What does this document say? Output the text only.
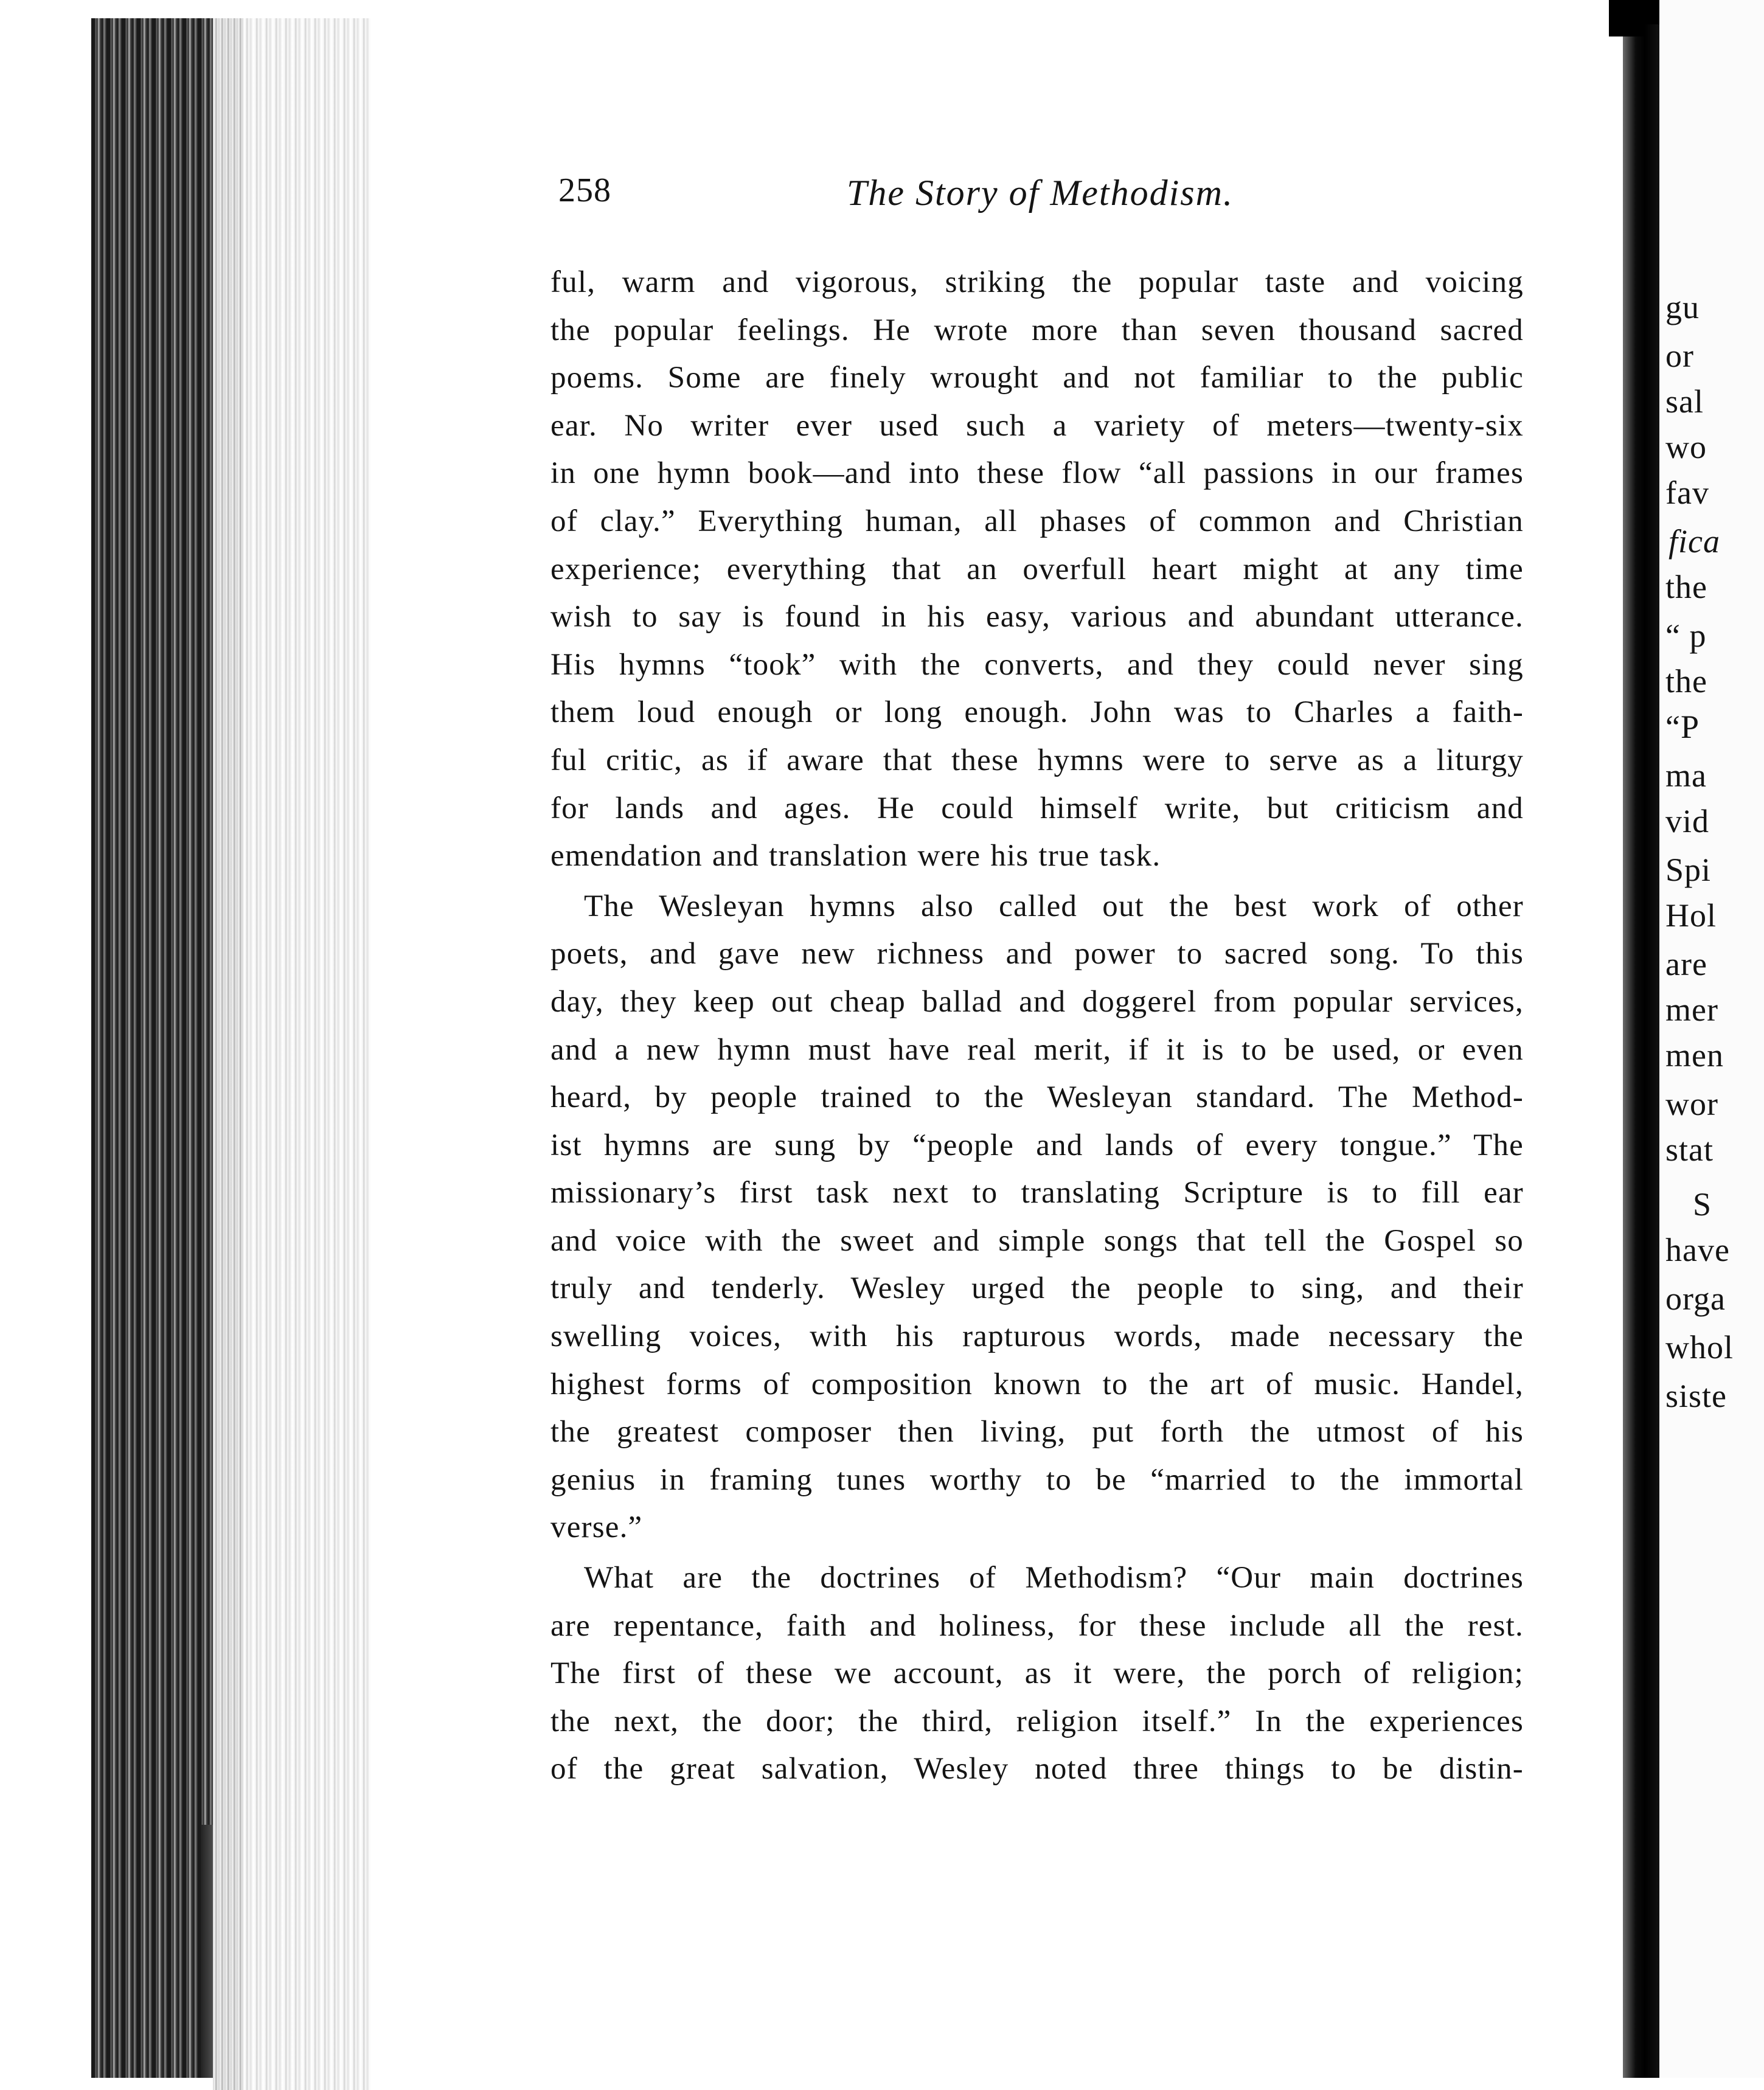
258	The Story of Methodism.
ful, warm and vigorous, striking the popular taste and voicing
the popular feelings. He wrote more than seven thousand sacred
poems. Some are finely wrought and not familiar to the public
ear. No writer ever used such a variety of meters—twenty-six
in one hymn book—and into these flow “all passions in our frames
of clay.” Everything human, all phases of common and Christian
experience; everything that an overfull heart might at any time
wish to say is found in his easy, various and abundant utterance.
His hymns “took” with the converts, and they could never sing
them loud enough or long enough. John was to Charles a faith-
ful critic, as if aware that these hymns were to serve as a liturgy
for lands and ages. He could himself write, but criticism and
emendation and translation were his true task.
The Wesleyan hymns also called out the best work of other
poets, and gave new richness and power to sacred song. To this
day, they keep out cheap ballad and doggerel from popular services,
and a new hymn must have real merit, if it is to be used, or even
heard, by people trained to the Wesleyan standard. The Method-
ist hymns are sung by “people and lands of every tongue.” The
missionary’s first task next to translating Scripture is to fill ear
and voice with the sweet and simple songs that tell the Gospel so
truly and tenderly. Wesley urged the people to sing, and their
swelling voices, with his rapturous words, made necessary the
highest forms of composition known to the art of music. Handel,
the greatest composer then living, put forth the utmost of his
genius in framing tunes worthy to be “married to the immortal
verse.”
What are the doctrines of Methodism? “Our main doctrines
are repentance, faith and holiness, for these include all the rest.
The first of these we account, as it were, the porch of religion;
the next, the door; the third, religion itself.” In the experiences
of the great salvation, Wesley noted three things to be distin-
gu
or
sal
wo
fav
fica
the
“ p
the
“P
ma
vid
Spi
Hol
are
mer
men
wor
stat
S
have
orga
whol
siste
